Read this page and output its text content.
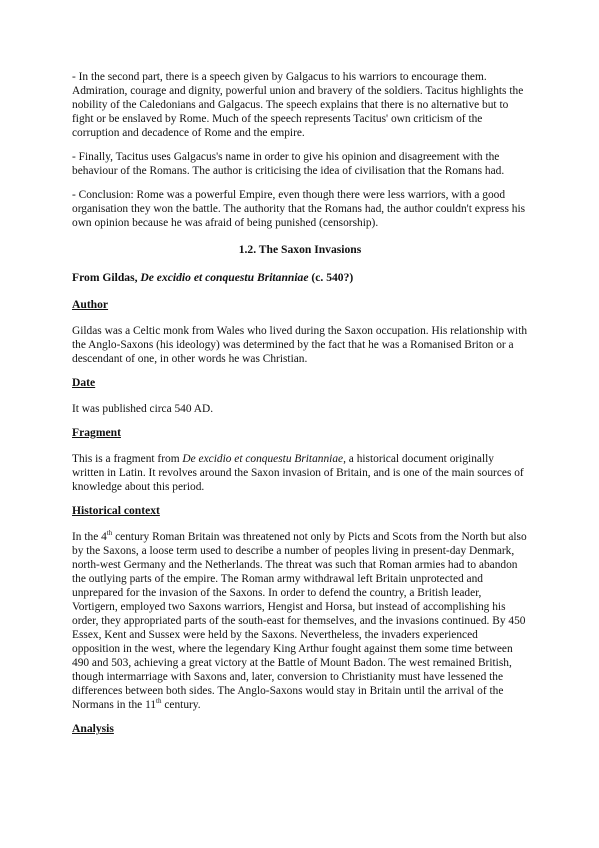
- In the second part, there is a speech given by Galgacus to his warriors to encourage them. Admiration, courage and dignity, powerful union and bravery of the soldiers. Tacitus highlights the nobility of the Caledonians and Galgacus. The speech explains that there is no alternative but to fight or be enslaved by Rome. Much of the speech represents Tacitus' own criticism of the corruption and decadence of Rome and the empire.

- Finally, Tacitus uses Galgacus's name in order to give his opinion and disagreement with the behaviour of the Romans. The author is criticising the idea of civilisation that the Romans had.

- Conclusion: Rome was a powerful Empire, even though there were less warriors, with a good organisation they won the battle. The authority that the Romans had, the author couldn't express his own opinion because he was afraid of being punished (censorship).

1.2. The Saxon Invasions
From Gildas, De excidio et conquestu Britanniae (c. 540?)
Author

Gildas was a Celtic monk from Wales who lived during the Saxon occupation. His relationship with the Anglo-Saxons (his ideology) was determined by the fact that he was a Romanised Briton or a descendant of one, in other words he was Christian.

Date

It was published circa 540 AD.

Fragment

This is a fragment from De excidio et conquestu Britanniae, a historical document originally written in Latin. It revolves around the Saxon invasion of Britain, and is one of the main sources of knowledge about this period.

Historical context

In the 4th century Roman Britain was threatened not only by Picts and Scots from the North but also by the Saxons, a loose term used to describe a number of peoples living in present-day Denmark, north-west Germany and the Netherlands. The threat was such that Roman armies had to abandon the outlying parts of the empire. The Roman army withdrawal left Britain unprotected and unprepared for the invasion of the Saxons. In order to defend the country, a British leader, Vortigern, employed two Saxons warriors, Hengist and Horsa, but instead of accomplishing his order, they appropriated parts of the south-east for themselves, and the invasions continued. By 450 Essex, Kent and Sussex were held by the Saxons. Nevertheless, the invaders experienced opposition in the west, where the legendary King Arthur fought against them some time between 490 and 503, achieving a great victory at the Battle of Mount Badon. The west remained British, though intermarriage with Saxons and, later, conversion to Christianity must have lessened the differences between both sides. The Anglo-Saxons would stay in Britain until the arrival of the Normans in the 11th century.

Analysis
